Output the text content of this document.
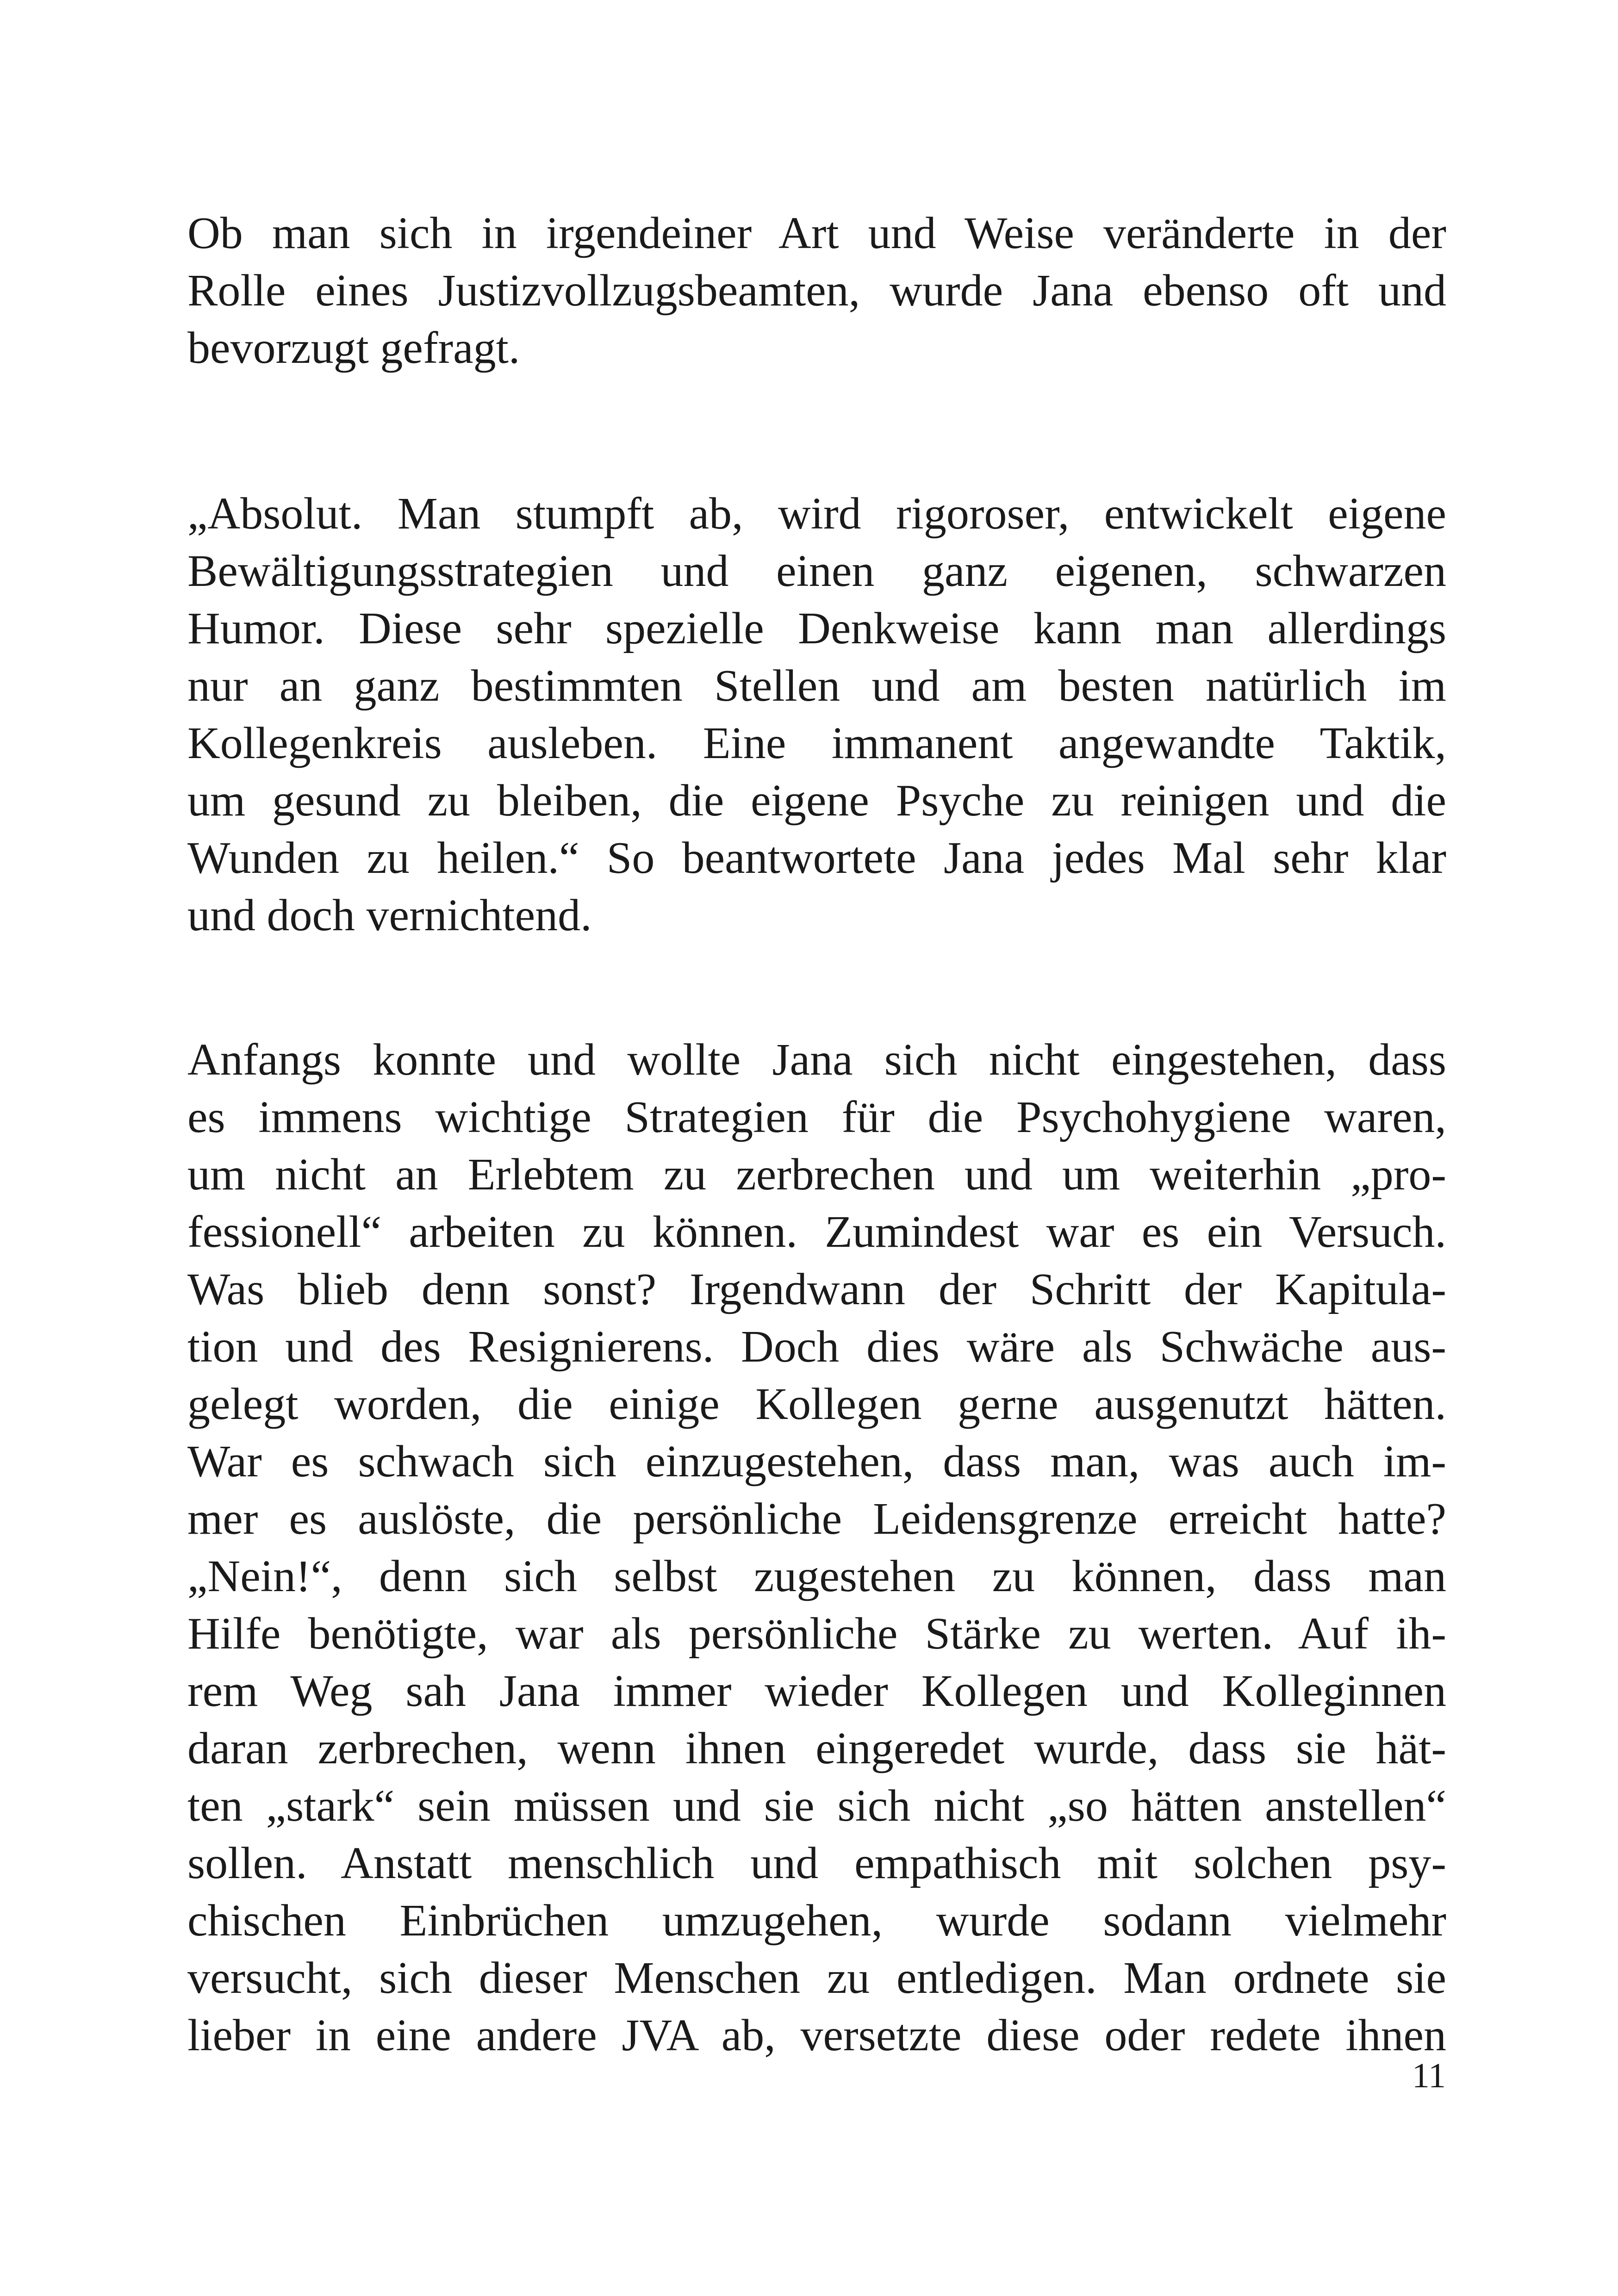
Ob man sich in irgendeiner Art und Weise veränderte in der
Rolle eines Justizvollzugsbeamten, wurde Jana ebenso oft und
bevorzugt gefragt.
„Absolut. Man stumpft ab, wird rigoroser, entwickelt eigene
Bewältigungsstrategien und einen ganz eigenen, schwarzen
Humor. Diese sehr spezielle Denkweise kann man allerdings
nur an ganz bestimmten Stellen und am besten natürlich im
Kollegenkreis ausleben. Eine immanent angewandte Taktik,
um gesund zu bleiben, die eigene Psyche zu reinigen und die
Wunden zu heilen.“ So beantwortete Jana jedes Mal sehr klar
und doch vernichtend.
Anfangs konnte und wollte Jana sich nicht eingestehen, dass
es immens wichtige Strategien für die Psychohygiene waren,
um nicht an Erlebtem zu zerbrechen und um weiterhin „pro-
fessionell“ arbeiten zu können. Zumindest war es ein Versuch.
Was blieb denn sonst? Irgendwann der Schritt der Kapitula-
tion und des Resignierens. Doch dies wäre als Schwäche aus-
gelegt worden, die einige Kollegen gerne ausgenutzt hätten.
War es schwach sich einzugestehen, dass man, was auch im-
mer es auslöste, die persönliche Leidensgrenze erreicht hatte?
„Nein!“, denn sich selbst zugestehen zu können, dass man
Hilfe benötigte, war als persönliche Stärke zu werten. Auf ih-
rem Weg sah Jana immer wieder Kollegen und Kolleginnen
daran zerbrechen, wenn ihnen eingeredet wurde, dass sie hät-
ten „stark“ sein müssen und sie sich nicht „so hätten anstellen“
sollen. Anstatt menschlich und empathisch mit solchen psy-
chischen Einbrüchen umzugehen, wurde sodann vielmehr
versucht, sich dieser Menschen zu entledigen. Man ordnete sie
lieber in eine andere JVA ab, versetzte diese oder redete ihnen
11
